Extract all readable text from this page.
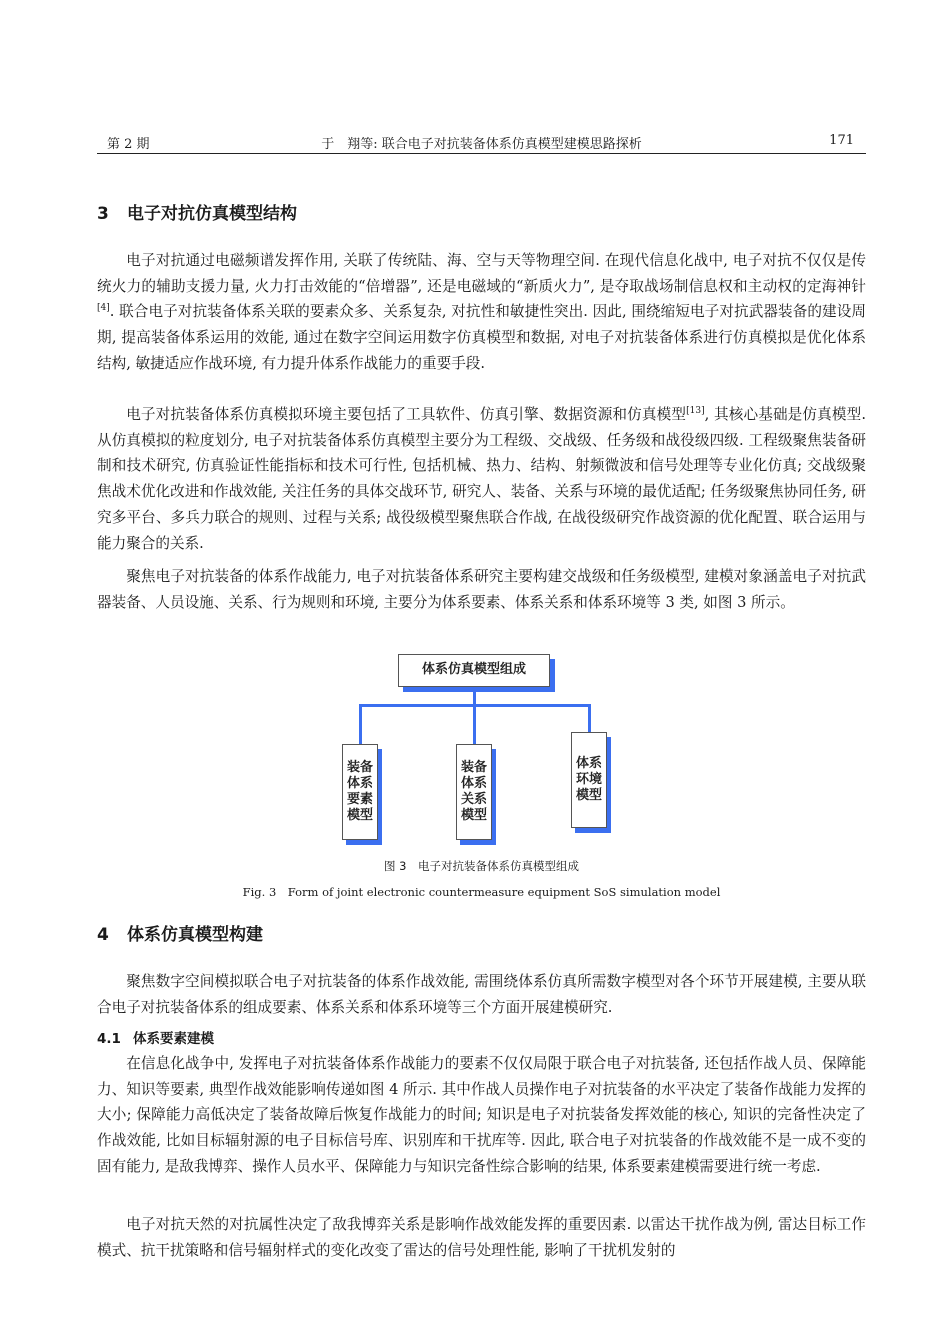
第 2 期	于　翔等: 联合电子对抗装备体系仿真模型建模思路探析	171
3 电子对抗仿真模型结构

电子对抗通过电磁频谱发挥作用, 关联了传统陆、海、空与天等物理空间. 在现代信息化战中, 电子对抗不仅仅是传统火力的辅助支援力量, 火力打击效能的“倍增器”, 还是电磁域的“新质火力”, 是夺取战场制信息权和主动权的定海神针[4]. 联合电子对抗装备体系关联的要素众多、关系复杂, 对抗性和敏捷性突出. 因此, 围绕缩短电子对抗武器装备的建设周期, 提高装备体系运用的效能, 通过在数字空间运用数字仿真模型和数据, 对电子对抗装备体系进行仿真模拟是优化体系结构, 敏捷适应作战环境, 有力提升体系作战能力的重要手段.

电子对抗装备体系仿真模拟环境主要包括了工具软件、仿真引擎、数据资源和仿真模型[13], 其核心基础是仿真模型. 从仿真模拟的粒度划分, 电子对抗装备体系仿真模型主要分为工程级、交战级、任务级和战役级四级. 工程级聚焦装备研制和技术研究, 仿真验证性能指标和技术可行性, 包括机械、热力、结构、射频微波和信号处理等专业化仿真; 交战级聚焦战术优化改进和作战效能, 关注任务的具体交战环节, 研究人、装备、关系与环境的最优适配; 任务级聚焦协同任务, 研究多平台、多兵力联合的规则、过程与关系; 战役级模型聚焦联合作战, 在战役级研究作战资源的优化配置、联合运用与能力聚合的关系.

聚焦电子对抗装备的体系作战能力, 电子对抗装备体系研究主要构建交战级和任务级模型, 建模对象涵盖电子对抗武器装备、人员设施、关系、行为规则和环境, 主要分为体系要素、体系关系和体系环境等 3 类, 如图 3 所示。

体系仿真模型组成
装备体系要素模型
装备体系关系模型
体系环境模型
图 3　电子对抗装备体系仿真模型组成
Fig. 3　Form of joint electronic countermeasure equipment SoS simulation model
4 体系仿真模型构建

聚焦数字空间模拟联合电子对抗装备的体系作战效能, 需围绕体系仿真所需数字模型对各个环节开展建模, 主要从联合电子对抗装备体系的组成要素、体系关系和体系环境等三个方面开展建模研究.

4.1 体系要素建模

在信息化战争中, 发挥电子对抗装备体系作战能力的要素不仅仅局限于联合电子对抗装备, 还包括作战人员、保障能力、知识等要素, 典型作战效能影响传递如图 4 所示. 其中作战人员操作电子对抗装备的水平决定了装备作战能力发挥的大小; 保障能力高低决定了装备故障后恢复作战能力的时间; 知识是电子对抗装备发挥效能的核心, 知识的完备性决定了作战效能, 比如目标辐射源的电子目标信号库、识别库和干扰库等. 因此, 联合电子对抗装备的作战效能不是一成不变的固有能力, 是敌我博弈、操作人员水平、保障能力与知识完备性综合影响的结果, 体系要素建模需要进行统一考虑.

电子对抗天然的对抗属性决定了敌我博弈关系是影响作战效能发挥的重要因素. 以雷达干扰作战为例, 雷达目标工作模式、抗干扰策略和信号辐射样式的变化改变了雷达的信号处理性能, 影响了干扰机发射的
